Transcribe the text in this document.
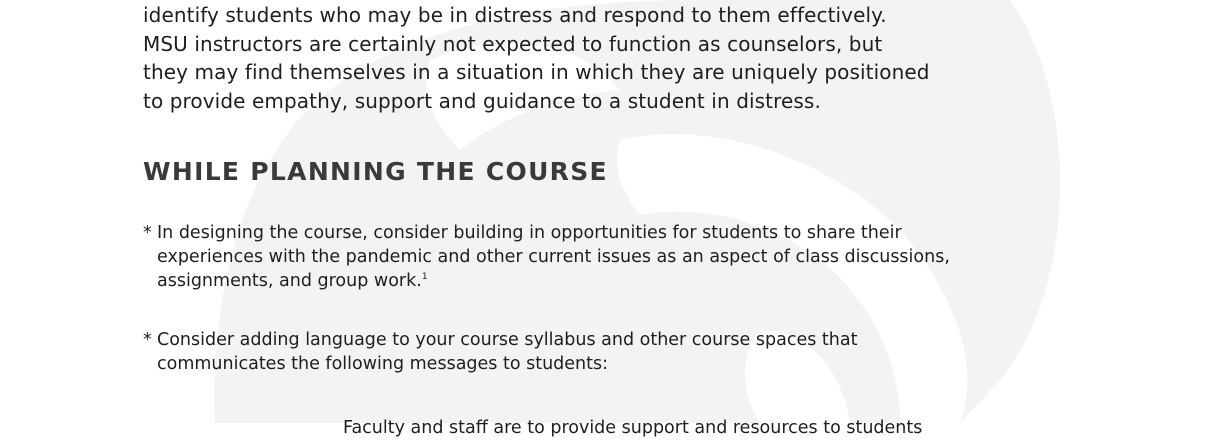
identify students who may be in distress and respond to them effectively.
MSU instructors are certainly not expected to function as counselors, but
they may find themselves in a situation in which they are uniquely positioned
to provide empathy, support and guidance to a student in distress.

WHILE PLANNING THE COURSE
* In designing the course, consider building in opportunities for students to share their
experiences with the pandemic and other current issues as an aspect of class discussions,
assignments, and group work.$^1$
* Consider adding language to your course syllabus and other course spaces that
communicates the following messages to students:
Faculty and staff are to provide support and resources to students
